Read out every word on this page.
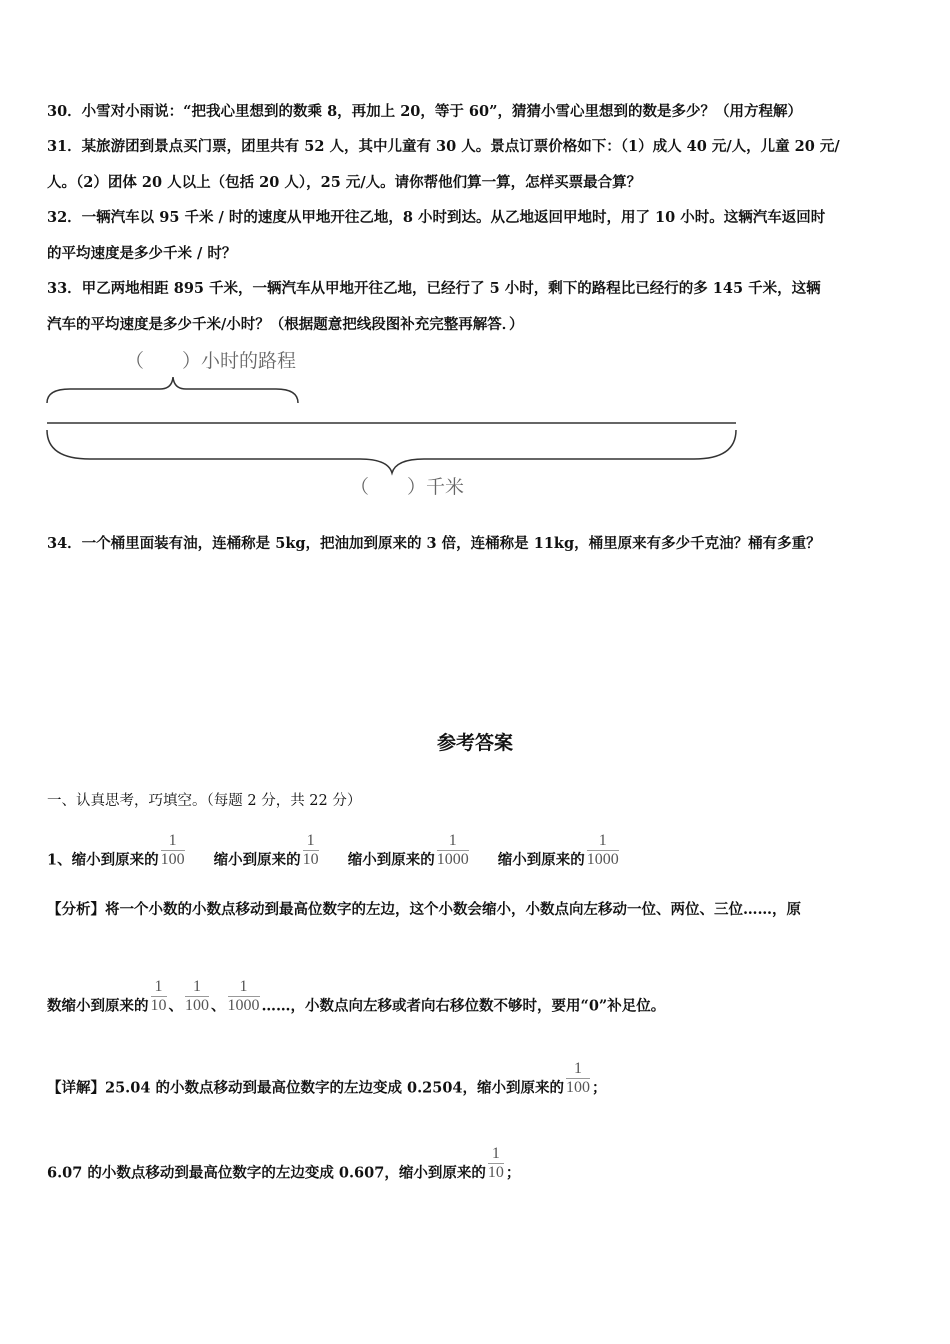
30．小雪对小雨说：“把我心里想到的数乘 8，再加上 20，等于 60”，猜猜小雪心里想到的数是多少？（用方程解）
31．某旅游团到景点买门票，团里共有 52 人，其中儿童有 30 人。景点订票价格如下：（1）成人 40 元/人，儿童 20 元/
人。（2）团体 20 人以上（包括 20 人），25 元/人。请你帮他们算一算，怎样买票最合算？
32．一辆汽车以 95 千米 / 时的速度从甲地开往乙地，8 小时到达。从乙地返回甲地时，用了 10 小时。这辆汽车返回时
的平均速度是多少千米 / 时？
33．甲乙两地相距 895 千米，一辆汽车从甲地开往乙地，已经行了 5 小时，剩下的路程比已经行的多 145 千米，这辆
汽车的平均速度是多少千米/小时？（根据题意把线段图补充完整再解答．）
（　　）小时的路程
（　　）千米
34．一个桶里面装有油，连桶称是 5kg，把油加到原来的 3 倍，连桶称是 11kg，桶里原来有多少千克油？桶有多重？
参考答案
一、认真思考，巧填空。（每题 2 分，共 22 分）
1、缩小到原来的 $\frac{1}{100}$ 缩小到原来的 $\frac{1}{10}$ 缩小到原来的 $\frac{1}{1000}$ 缩小到原来的 $\frac{1}{1000}$
【分析】将一个小数的小数点移动到最高位数字的左边，这个小数会缩小，小数点向左移动一位、两位、三位……，原
数缩小到原来的 $\frac{1}{10}$ 、 $\frac{1}{100}$ 、 $\frac{1}{1000}$ ……，小数点向左移或者向右移位数不够时，要用“0”补足位。
【详解】25.04 的小数点移动到最高位数字的左边变成 0.2504，缩小到原来的 $\frac{1}{100}$ ；
6.07 的小数点移动到最高位数字的左边变成 0.607，缩小到原来的 $\frac{1}{10}$ ；
